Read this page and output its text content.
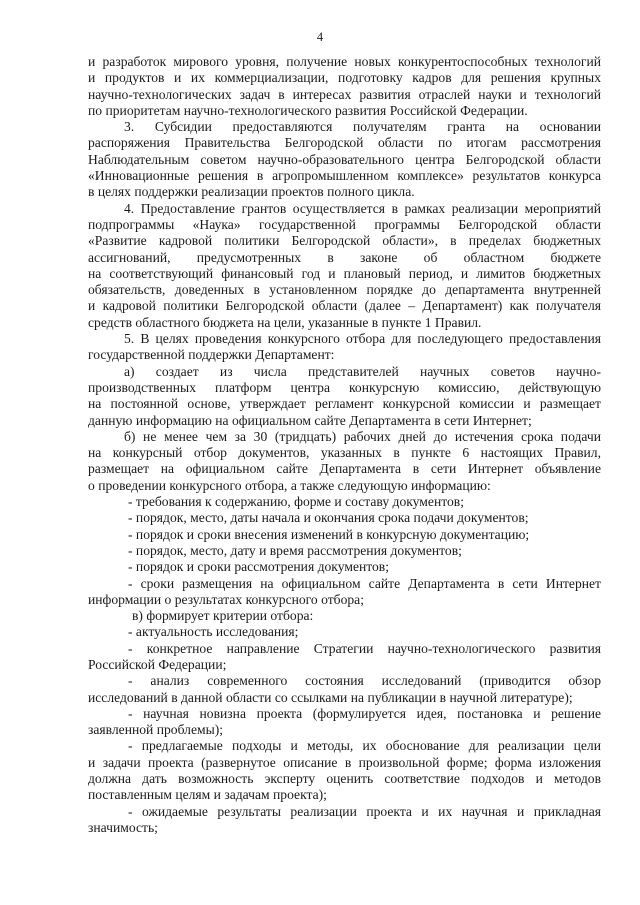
4
и разработок мирового уровня, получение новых конкурентоспособных технологий
и продуктов и их коммерциализации, подготовку кадров для решения крупных
научно-технологических задач в интересах развития отраслей науки и технологий
по приоритетам научно-технологического развития Российской Федерации.
3. Субсидии предоставляются получателям гранта на основании
распоряжения Правительства Белгородской области по итогам рассмотрения
Наблюдательным советом научно-образовательного центра Белгородской области
«Инновационные решения в агропромышленном комплексе» результатов конкурса
в целях поддержки реализации проектов полного цикла.
4. Предоставление грантов осуществляется в рамках реализации мероприятий
подпрограммы «Наука» государственной программы Белгородской области
«Развитие кадровой политики Белгородской области», в пределах бюджетных
ассигнований, предусмотренных в законе об областном бюджете
на соответствующий финансовый год и плановый период, и лимитов бюджетных
обязательств, доведенных в установленном порядке до департамента внутренней
и кадровой политики Белгородской области (далее – Департамент) как получателя
средств областного бюджета на цели, указанные в пункте 1 Правил.
5. В целях проведения конкурсного отбора для последующего предоставления
государственной поддержки Департамент:
а) создает из числа представителей научных советов научно-
производственных платформ центра конкурсную комиссию, действующую
на постоянной основе, утверждает регламент конкурсной комиссии и размещает
данную информацию на официальном сайте Департамента в сети Интернет;
б) не менее чем за 30 (тридцать) рабочих дней до истечения срока подачи
на конкурсный отбор документов, указанных в пункте 6 настоящих Правил,
размещает на официальном сайте Департамента в сети Интернет объявление
о проведении конкурсного отбора, а также следующую информацию:
- требования к содержанию, форме и составу документов;
- порядок, место, даты начала и окончания срока подачи документов;
- порядок и сроки внесения изменений в конкурсную документацию;
- порядок, место, дату и время рассмотрения документов;
- порядок и сроки рассмотрения документов;
- сроки размещения на официальном сайте Департамента в сети Интернет
информации о результатах конкурсного отбора;
в) формирует критерии отбора:
- актуальность исследования;
- конкретное направление Стратегии научно-технологического развития
Российской Федерации;
- анализ современного состояния исследований (приводится обзор
исследований в данной области со ссылками на публикации в научной литературе);
- научная новизна проекта (формулируется идея, постановка и решение
заявленной проблемы);
- предлагаемые подходы и методы, их обоснование для реализации цели
и задачи проекта (развернутое описание в произвольной форме; форма изложения
должна дать возможность эксперту оценить соответствие подходов и методов
поставленным целям и задачам проекта);
- ожидаемые результаты реализации проекта и их научная и прикладная
значимость;
